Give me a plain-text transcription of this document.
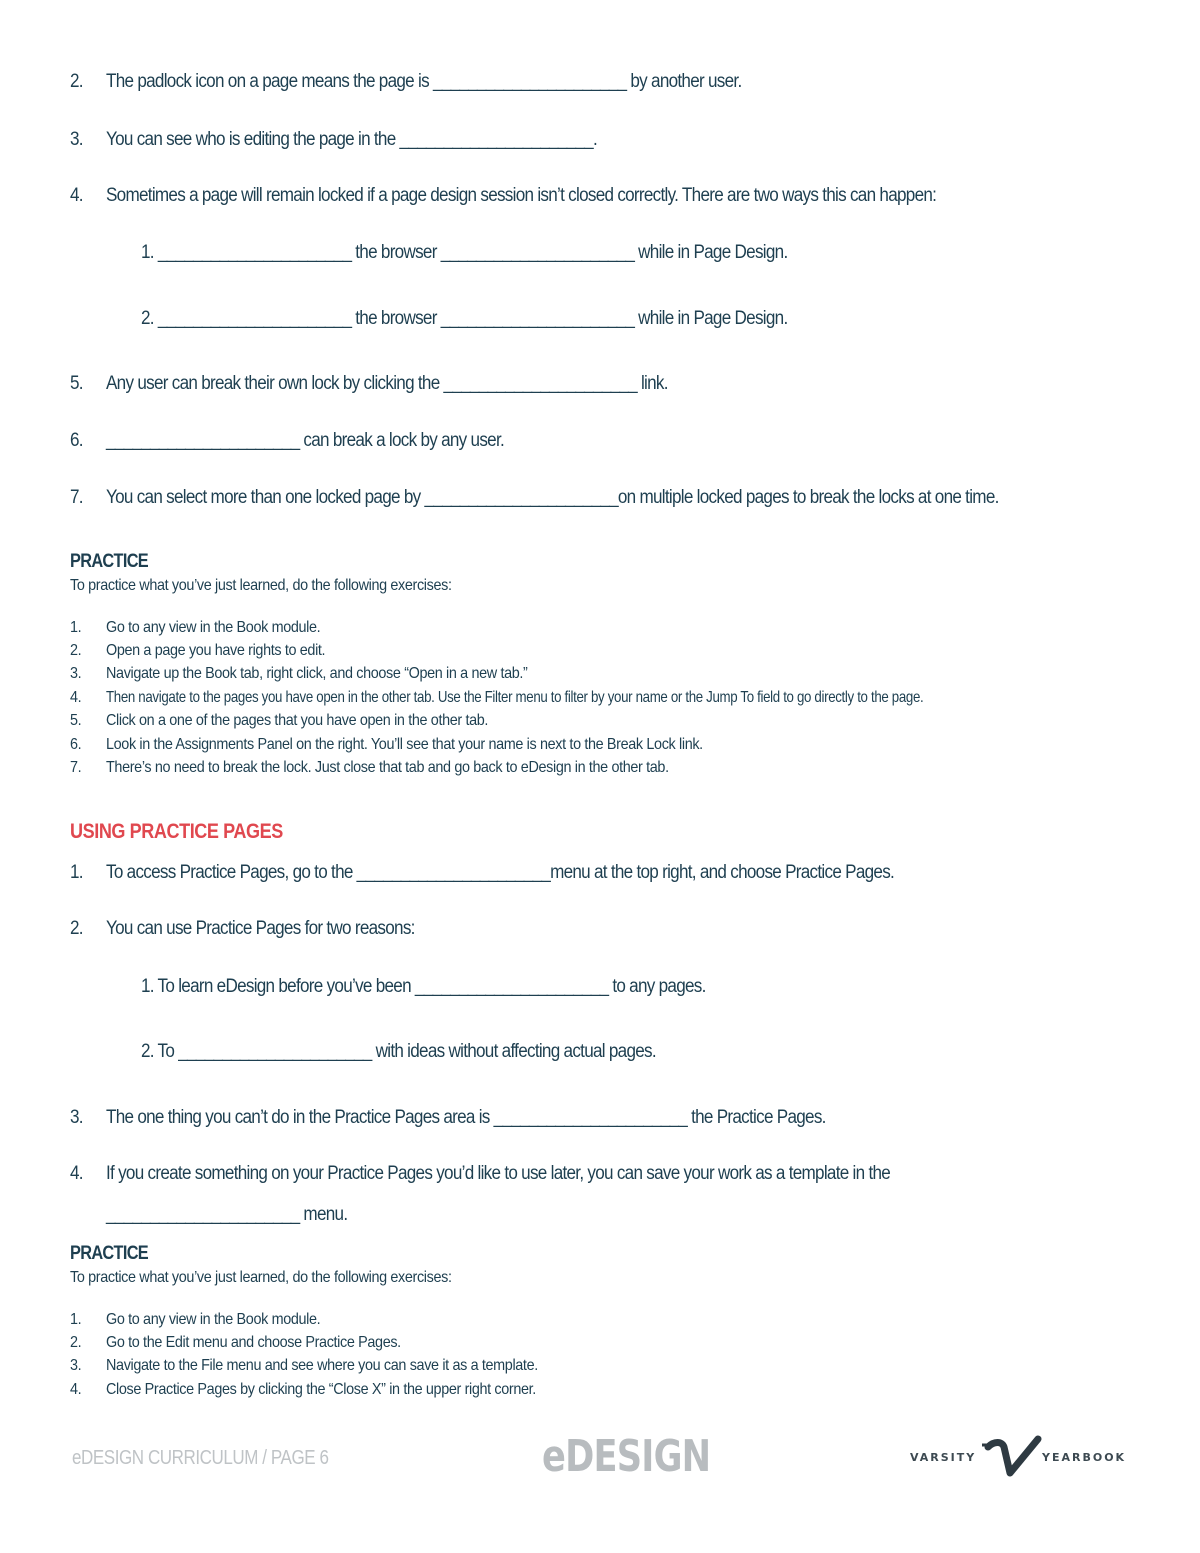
2. The padlock icon on a page means the page is ______________________ by another user.
3. You can see who is editing the page in the ______________________.
4. Sometimes a page will remain locked if a page design session isn’t closed correctly. There are two ways this can happen:
1. ______________________ the browser ______________________ while in Page Design.
2. ______________________ the browser ______________________ while in Page Design.
5. Any user can break their own lock by clicking the ______________________ link.
6. ______________________ can break a lock by any user.
7. You can select more than one locked page by ______________________on multiple locked pages to break the locks at one time.
PRACTICE
To practice what you’ve just learned, do the following exercises:
1. Go to any view in the Book module.
2. Open a page you have rights to edit.
3. Navigate up the Book tab, right click, and choose “Open in a new tab.”
4. Then navigate to the pages you have open in the other tab. Use the Filter menu to filter by your name or the Jump To field to go directly to the page.
5. Click on a one of the pages that you have open in the other tab.
6. Look in the Assignments Panel on the right. You’ll see that your name is next to the Break Lock link.
7. There’s no need to break the lock. Just close that tab and go back to eDesign in the other tab.
USING PRACTICE PAGES
1. To access Practice Pages, go to the ______________________menu at the top right, and choose Practice Pages.
2. You can use Practice Pages for two reasons:
1. To learn eDesign before you’ve been ______________________ to any pages.
2. To ______________________ with ideas without affecting actual pages.
3. The one thing you can’t do in the Practice Pages area is ______________________ the Practice Pages.
4. If you create something on your Practice Pages you’d like to use later, you can save your work as a template in the
______________________ menu.
PRACTICE
To practice what you’ve just learned, do the following exercises:
1. Go to any view in the Book module.
2. Go to the Edit menu and choose Practice Pages.
3. Navigate to the File menu and see where you can save it as a template.
4. Close Practice Pages by clicking the “Close X” in the upper right corner.
eDESIGN CURRICULUM / PAGE 6	eDESIGN	VARSITY	YEARBOOK
